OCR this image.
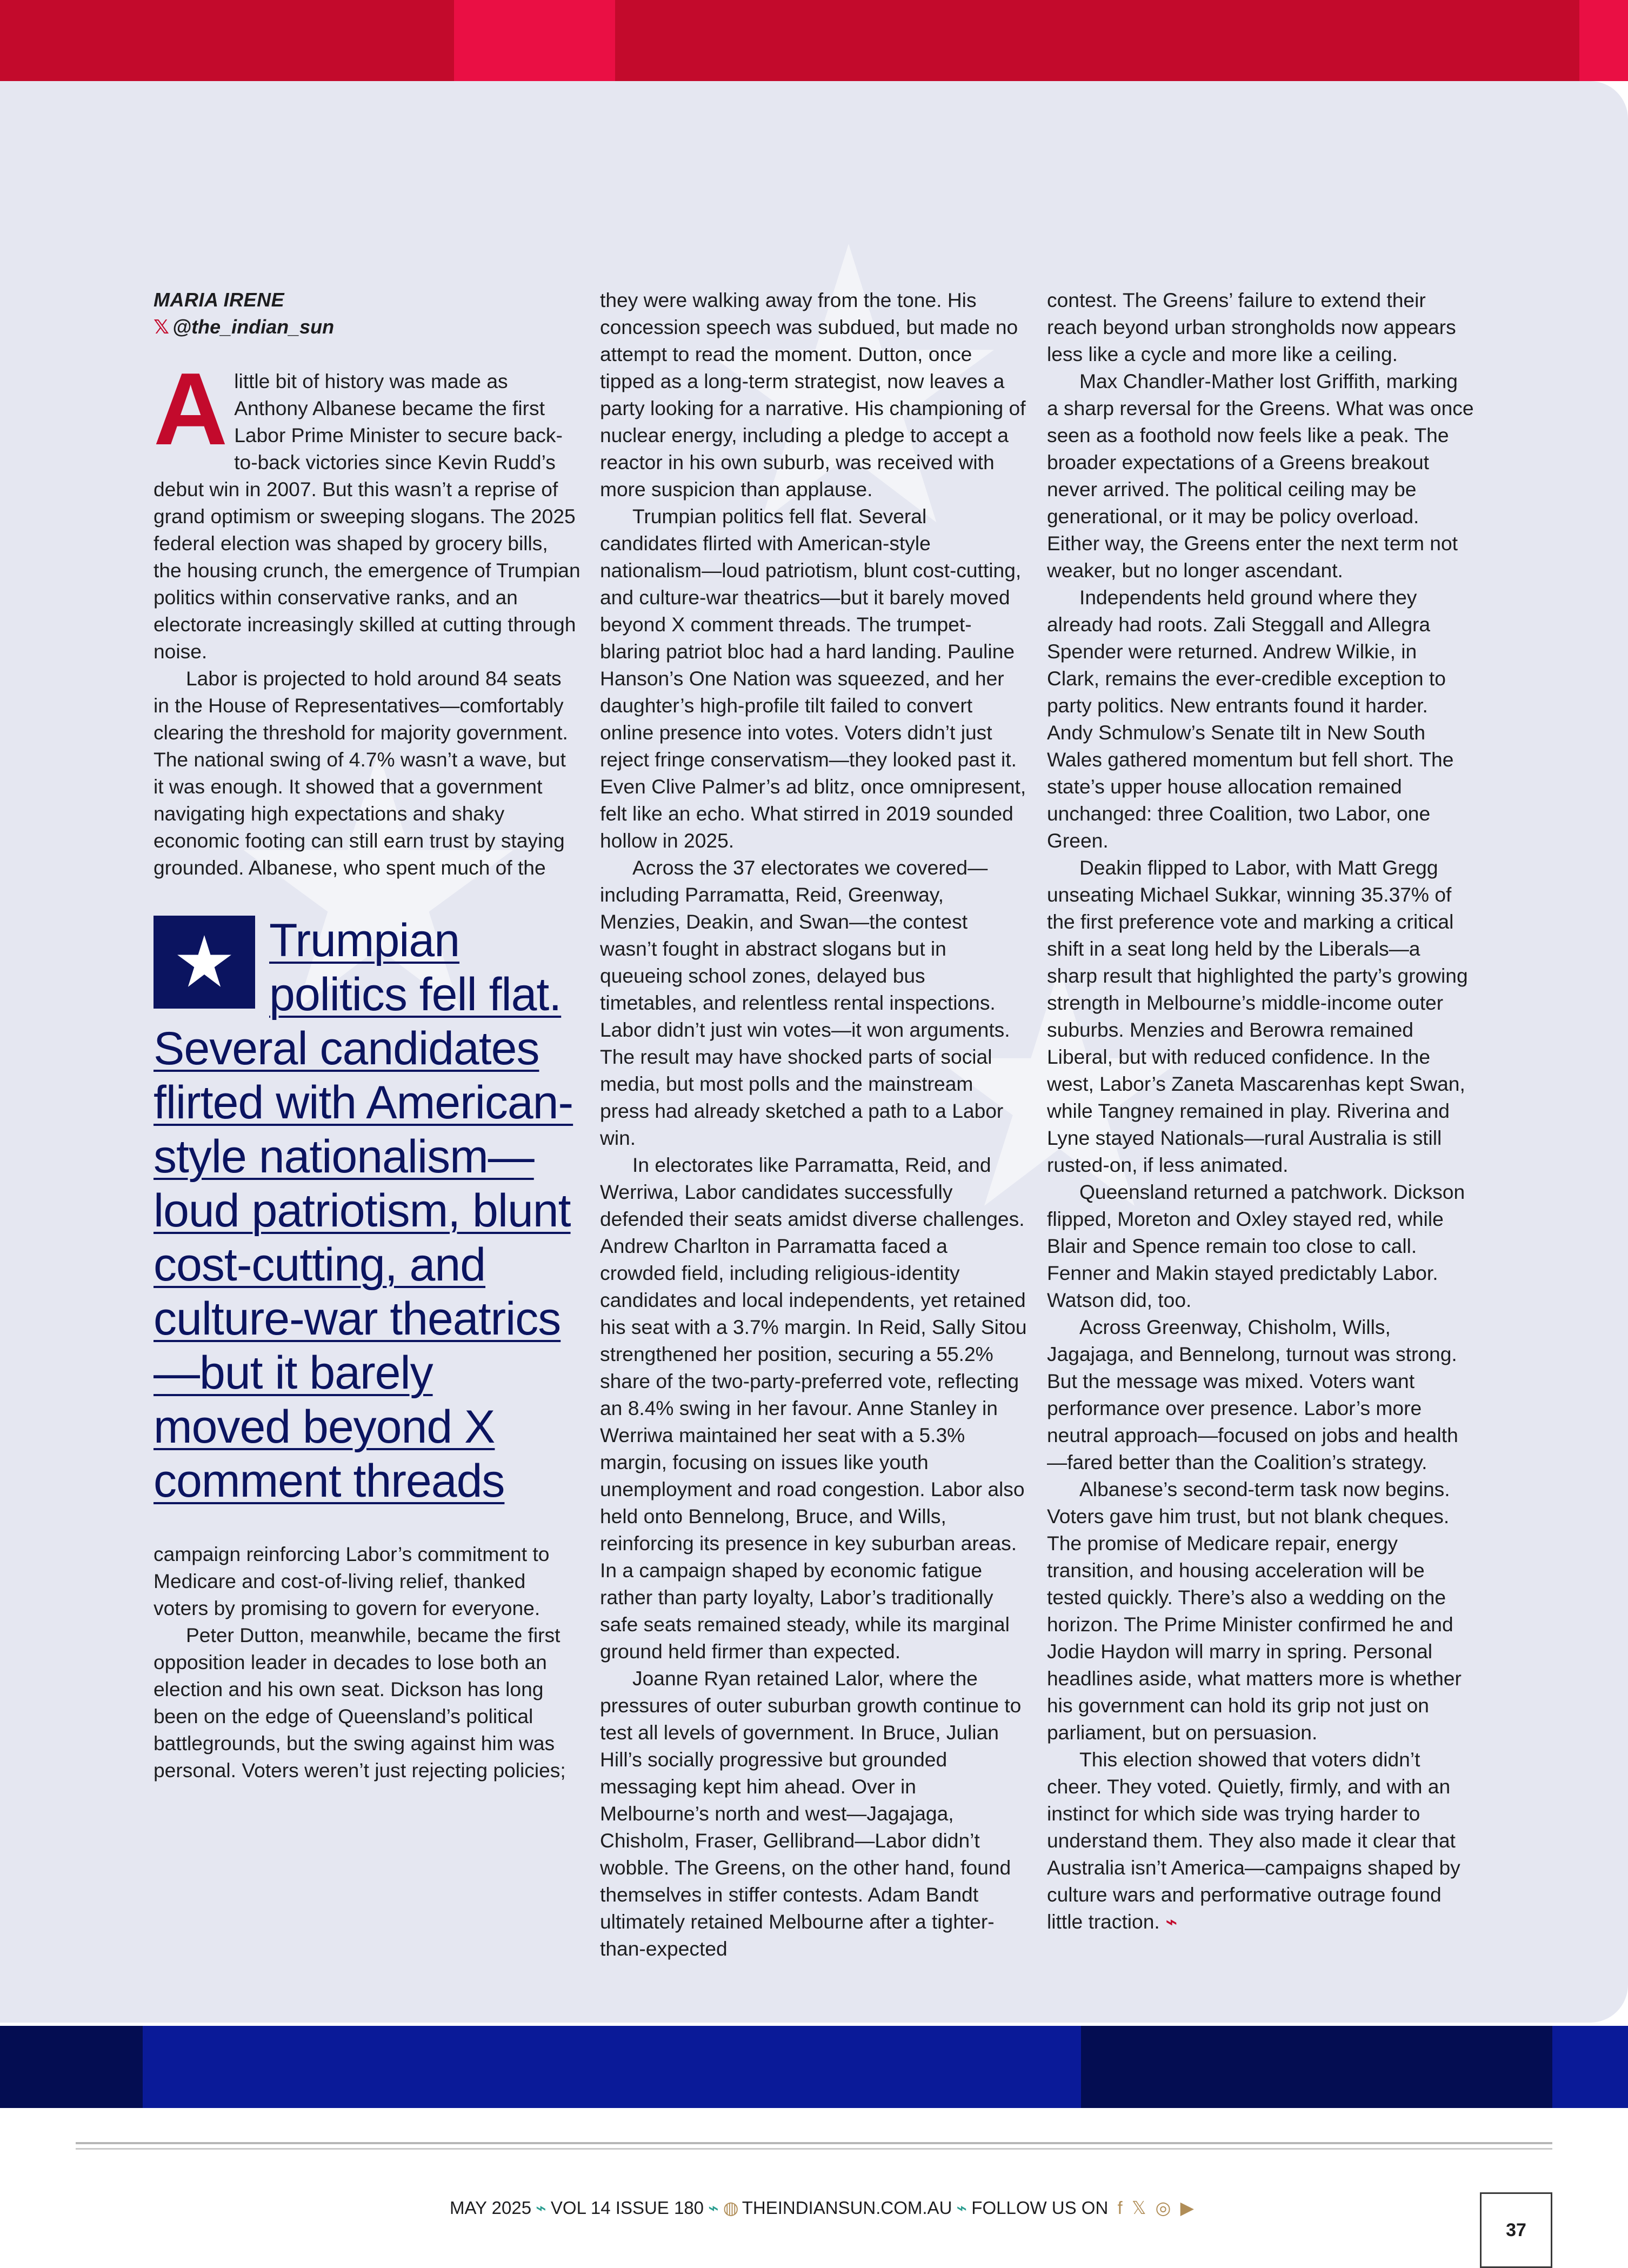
MARIA IRENE
𝕏 @the_indian_sun
A little bit of history was made as Anthony Albanese became the first Labor Prime Minister to secure back-to-back victories since Kevin Rudd’s debut win in 2007. But this wasn’t a reprise of grand optimism or sweeping slogans. The 2025 federal election was shaped by grocery bills, the housing crunch, the emergence of Trumpian politics within conservative ranks, and an electorate increasingly skilled at cutting through noise.

Labor is projected to hold around 84 seats in the House of Representatives—comfortably clearing the threshold for majority government. The national swing of 4.7% wasn’t a wave, but it was enough. It showed that a government navigating high expectations and shaky economic footing can still earn trust by staying grounded. Albanese, who spent much of the

Trumpian politics fell flat. Several candidates flirted with American-style nationalism—loud patriotism, blunt cost-cutting, and culture-war theatrics—but it barely moved beyond X comment threads

campaign reinforcing Labor’s commitment to Medicare and cost-of-living relief, thanked voters by promising to govern for everyone.

Peter Dutton, meanwhile, became the first opposition leader in decades to lose both an election and his own seat. Dickson has long been on the edge of Queensland’s political battlegrounds, but the swing against him was personal. Voters weren’t just rejecting policies;

they were walking away from the tone. His concession speech was subdued, but made no attempt to read the moment. Dutton, once tipped as a long-term strategist, now leaves a party looking for a narrative. His championing of nuclear energy, including a pledge to accept a reactor in his own suburb, was received with more suspicion than applause.

Trumpian politics fell flat. Several candidates flirted with American-style nationalism—loud patriotism, blunt cost-cutting, and culture-war theatrics—but it barely moved beyond X comment threads. The trumpet-blaring patriot bloc had a hard landing. Pauline Hanson’s One Nation was squeezed, and her daughter’s high-profile tilt failed to convert online presence into votes. Voters didn’t just reject fringe conservatism—they looked past it. Even Clive Palmer’s ad blitz, once omnipresent, felt like an echo. What stirred in 2019 sounded hollow in 2025.

Across the 37 electorates we covered—including Parramatta, Reid, Greenway, Menzies, Deakin, and Swan—the contest wasn’t fought in abstract slogans but in queueing school zones, delayed bus timetables, and relentless rental inspections. Labor didn’t just win votes—it won arguments. The result may have shocked parts of social media, but most polls and the mainstream press had already sketched a path to a Labor win.

In electorates like Parramatta, Reid, and Werriwa, Labor candidates successfully defended their seats amidst diverse challenges. Andrew Charlton in Parramatta faced a crowded field, including religious-identity candidates and local independents, yet retained his seat with a 3.7% margin. In Reid, Sally Sitou strengthened her position, securing a 55.2% share of the two-party-preferred vote, reflecting an 8.4% swing in her favour. Anne Stanley in Werriwa maintained her seat with a 5.3% margin, focusing on issues like youth unemployment and road congestion. Labor also held onto Bennelong, Bruce, and Wills, reinforcing its presence in key suburban areas. In a campaign shaped by economic fatigue rather than party loyalty, Labor’s traditionally safe seats remained steady, while its marginal ground held firmer than expected.

Joanne Ryan retained Lalor, where the pressures of outer suburban growth continue to test all levels of government. In Bruce, Julian Hill’s socially progressive but grounded messaging kept him ahead. Over in Melbourne’s north and west—Jagajaga, Chisholm, Fraser, Gellibrand—Labor didn’t wobble. The Greens, on the other hand, found themselves in stiffer contests. Adam Bandt ultimately retained Melbourne after a tighter-than-expected

contest. The Greens’ failure to extend their reach beyond urban strongholds now appears less like a cycle and more like a ceiling.

Max Chandler-Mather lost Griffith, marking a sharp reversal for the Greens. What was once seen as a foothold now feels like a peak. The broader expectations of a Greens breakout never arrived. The political ceiling may be generational, or it may be policy overload. Either way, the Greens enter the next term not weaker, but no longer ascendant.

Independents held ground where they already had roots. Zali Steggall and Allegra Spender were returned. Andrew Wilkie, in Clark, remains the ever-credible exception to party politics. New entrants found it harder. Andy Schmulow’s Senate tilt in New South Wales gathered momentum but fell short. The state’s upper house allocation remained unchanged: three Coalition, two Labor, one Green.

Deakin flipped to Labor, with Matt Gregg unseating Michael Sukkar, winning 35.37% of the first preference vote and marking a critical shift in a seat long held by the Liberals—a sharp result that highlighted the party’s growing strength in Melbourne’s middle-income outer suburbs. Menzies and Berowra remained Liberal, but with reduced confidence. In the west, Labor’s Zaneta Mascarenhas kept Swan, while Tangney remained in play. Riverina and Lyne stayed Nationals—rural Australia is still rusted-on, if less animated.

Queensland returned a patchwork. Dickson flipped, Moreton and Oxley stayed red, while Blair and Spence remain too close to call. Fenner and Makin stayed predictably Labor. Watson did, too.

Across Greenway, Chisholm, Wills, Jagajaga, and Bennelong, turnout was strong. But the message was mixed. Voters want performance over presence. Labor’s more neutral approach—focused on jobs and health—fared better than the Coalition’s strategy.

Albanese’s second-term task now begins. Voters gave him trust, but not blank cheques. The promise of Medicare repair, energy transition, and housing acceleration will be tested quickly. There’s also a wedding on the horizon. The Prime Minister confirmed he and Jodie Haydon will marry in spring. Personal headlines aside, what matters more is whether his government can hold its grip not just on parliament, but on persuasion.

This election showed that voters didn’t cheer. They voted. Quietly, firmly, and with an instinct for which side was trying harder to understand them. They also made it clear that Australia isn’t America—campaigns shaped by culture wars and performative outrage found little traction. ⌁

MAY 2025 ⌁ VOL 14 ISSUE 180 ⌁ ◍ THEINDIANSUN.COM.AU ⌁ FOLLOW US ON f 𝕏 ◎ ▶
37
